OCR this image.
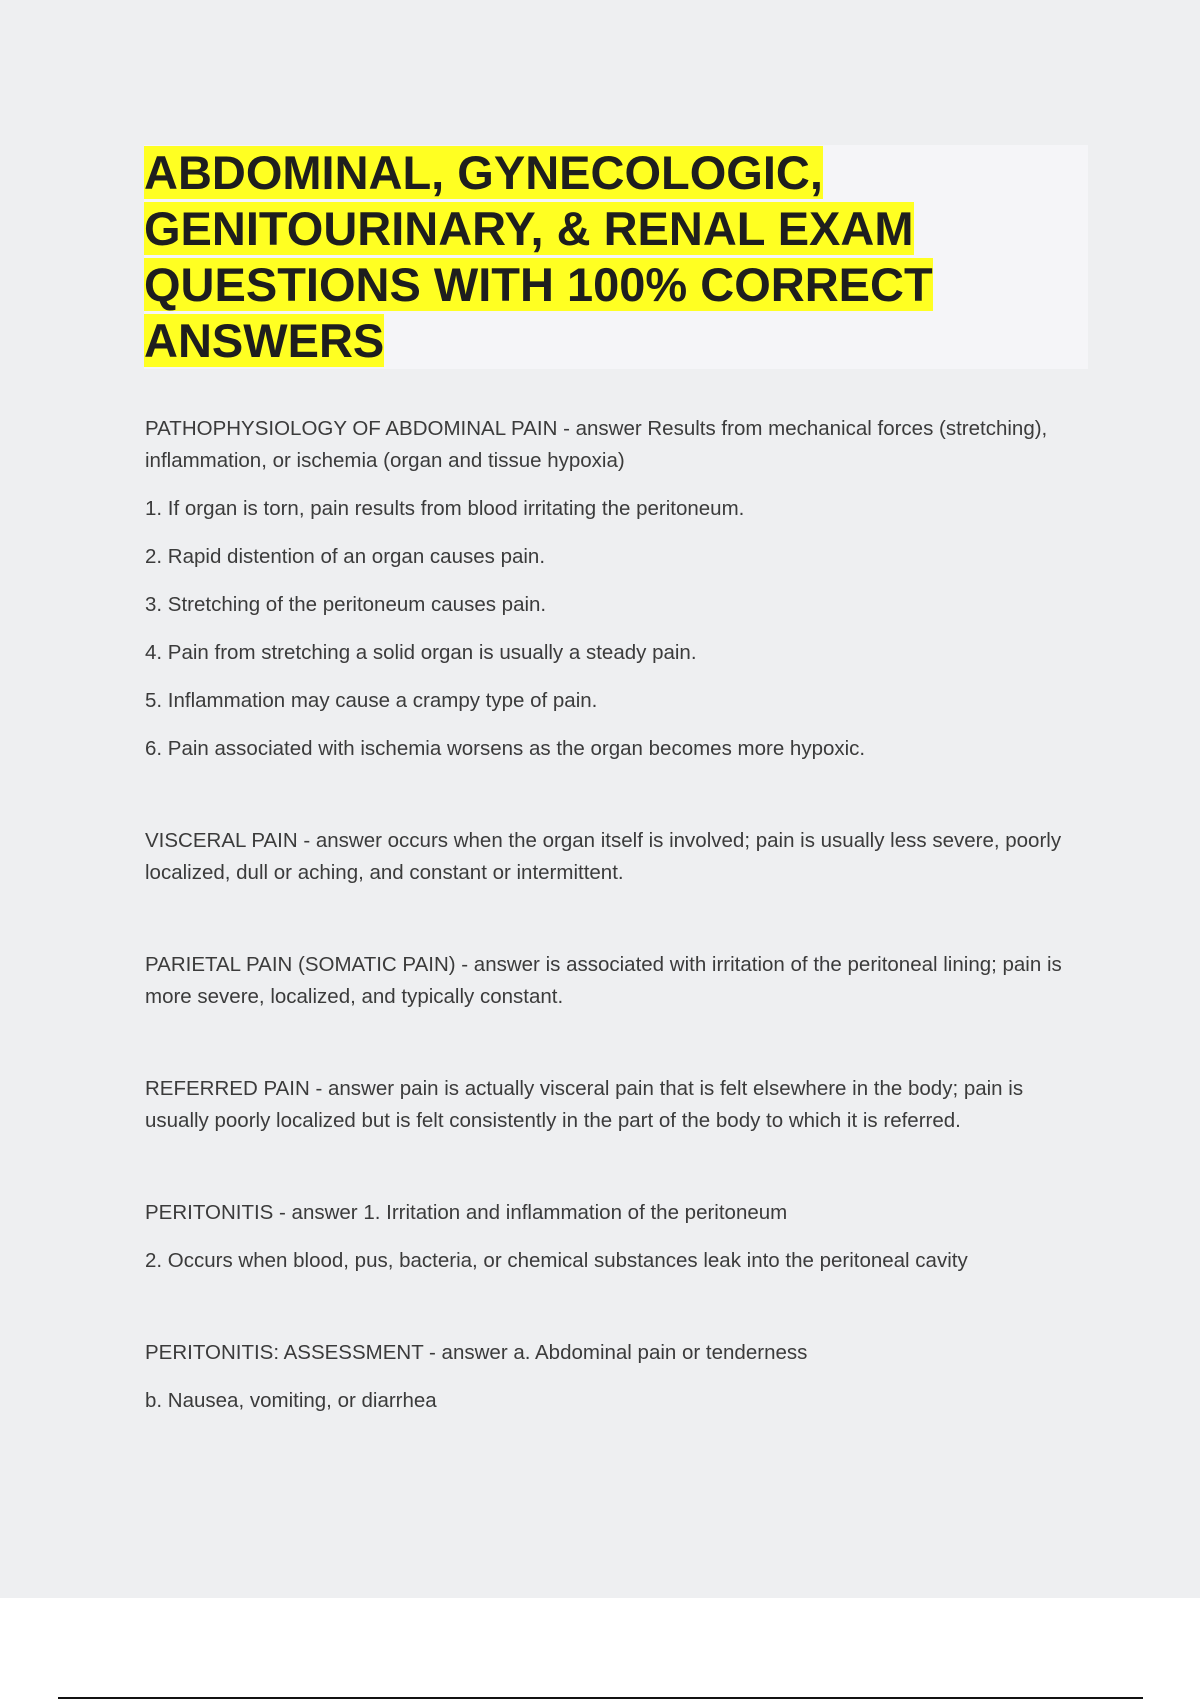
ABDOMINAL, GYNECOLOGIC, GENITOURINARY, & RENAL EXAM QUESTIONS WITH 100% CORRECT ANSWERS

PATHOPHYSIOLOGY OF ABDOMINAL PAIN - answer Results from mechanical forces (stretching), inflammation, or ischemia (organ and tissue hypoxia)

1. If organ is torn, pain results from blood irritating the peritoneum.

2. Rapid distention of an organ causes pain.

3. Stretching of the peritoneum causes pain.

4. Pain from stretching a solid organ is usually a steady pain.

5. Inflammation may cause a crampy type of pain.

6. Pain associated with ischemia worsens as the organ becomes more hypoxic.

VISCERAL PAIN - answer occurs when the organ itself is involved; pain is usually less severe, poorly localized, dull or aching, and constant or intermittent.

PARIETAL PAIN (SOMATIC PAIN) - answer is associated with irritation of the peritoneal lining; pain is more severe, localized, and typically constant.

REFERRED PAIN - answer pain is actually visceral pain that is felt elsewhere in the body; pain is usually poorly localized but is felt consistently in the part of the body to which it is referred.

PERITONITIS - answer 1. Irritation and inflammation of the peritoneum

2. Occurs when blood, pus, bacteria, or chemical substances leak into the peritoneal cavity

PERITONITIS: ASSESSMENT - answer a. Abdominal pain or tenderness

b. Nausea, vomiting, or diarrhea
